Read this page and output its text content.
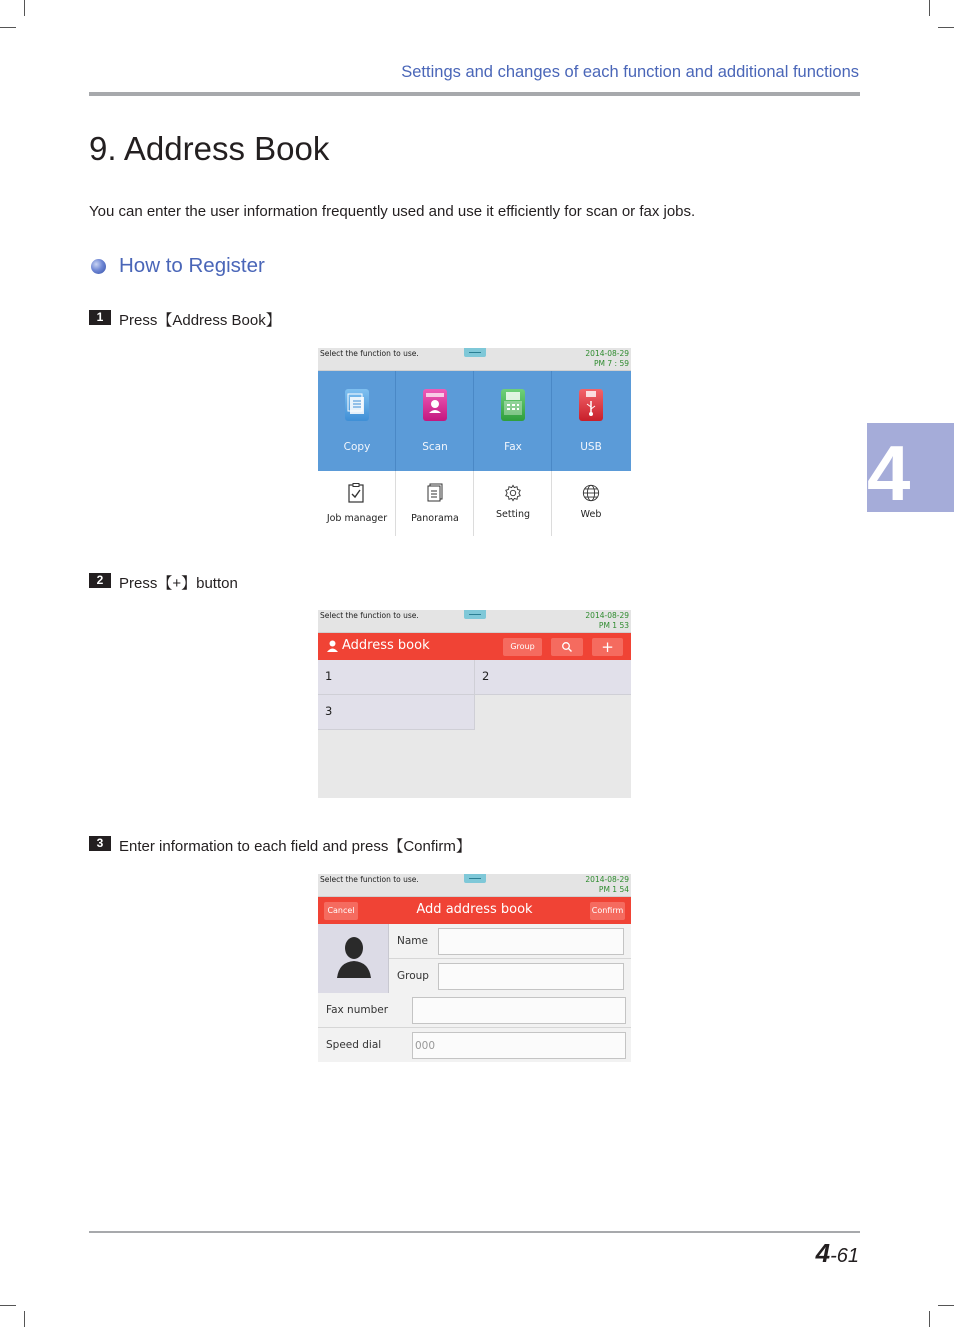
Settings and changes of each function and additional functions
9. Address Book
You can enter the user information frequently used and use it efficiently for scan or fax jobs.
How to Register
1	Press【Address Book】
Select the function to use.	2014-08-29
PM 7 : 59
Copy	Scan	Fax	USB
Job manager	Panorama	Setting	Web
2	Press【+】button
Select the function to use.	2014-08-29
PM 1 53
Address book	Group	+
1	2
3
3	Enter information to each field and press【Confirm】
Select the function to use.	2014-08-29
PM 1 54
Add address book
Cancel	Confirm
Name
Group
Fax number
Speed dial	000
4
4-61
